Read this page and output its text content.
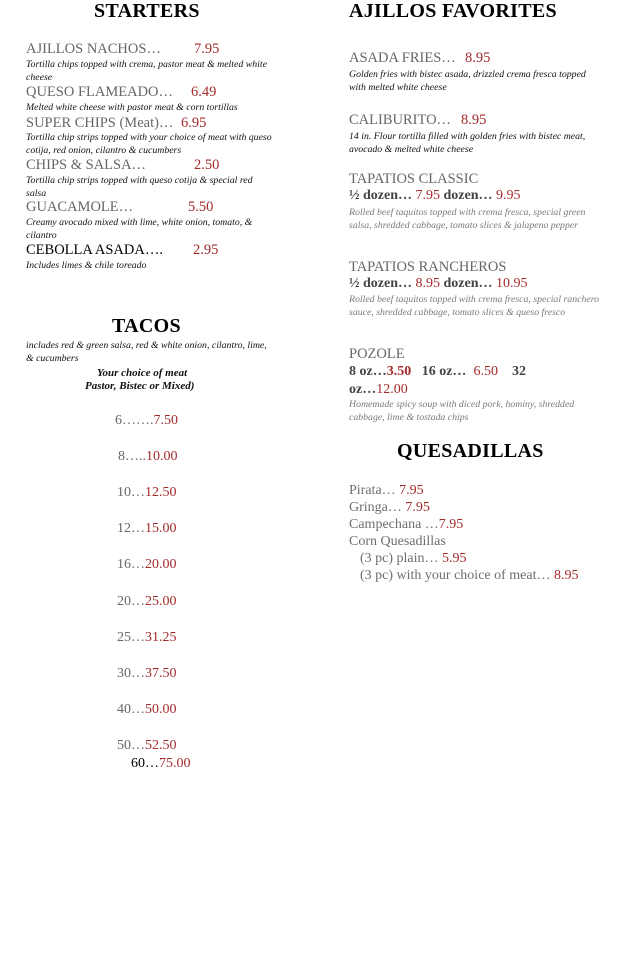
STARTERS
AJILLOS NACHOS… 7.95
Tortilla chips topped with crema, pastor meat & melted white cheese
QUESO FLAMEADO… 6.49
Melted white cheese with pastor meat & corn tortillas
SUPER CHIPS (Meat)… 6.95
Tortilla chip strips topped with your choice of meat with queso cotija, red onion, cilantro & cucumbers
CHIPS & SALSA…	2.50
Tortilla chip strips topped with queso cotija & special red salsa
GUACAMOLE…	5.50
Creamy avocado mixed with lime, white onion, tomato, & cilantro
CEBOLLA ASADA…. 2.95
Includes limes & chile toreado
TACOS
includes red & green salsa, red & white onion, cilantro, lime, & cucumbers
Your choice of meat
Pastor, Bistec or Mixed)
6…….7.50
8…..10.00
10…12.50
12…15.00
16…20.00
20…25.00
25…31.25
30…37.50
40…50.00
50…52.50
60…75.00
AJILLOS FAVORITES
ASADA FRIES… 8.95
Golden fries with bistec asada, drizzled crema fresca topped with melted white cheese
CALIBURITO… 8.95
14 in. Flour tortilla filled with golden fries with bistec meat, avocado & melted white cheese
TAPATIOS CLASSIC
½ dozen… 7.95 dozen… 9.95
Rolled beef taquitos topped with crema fresca, special green salsa, shredded cabbage, tomato slices & jalapeno pepper
TAPATIOS RANCHEROS
½ dozen… 8.95 dozen… 10.95
Rolled beef taquitos topped with crema fresca, special ranchero sauce, shredded cabbage, tomato slices & queso fresco
POZOLE
8 oz…3.50 16 oz… 6.50 32
oz…12.00
Homemade spicy soup with diced pork, hominy, shredded cabbage, lime & tostada chips
QUESADILLAS
Pirata… 7.95
Gringa… 7.95
Campechana …7.95
Corn Quesadillas
(3 pc) plain… 5.95
(3 pc) with your choice of meat… 8.95
